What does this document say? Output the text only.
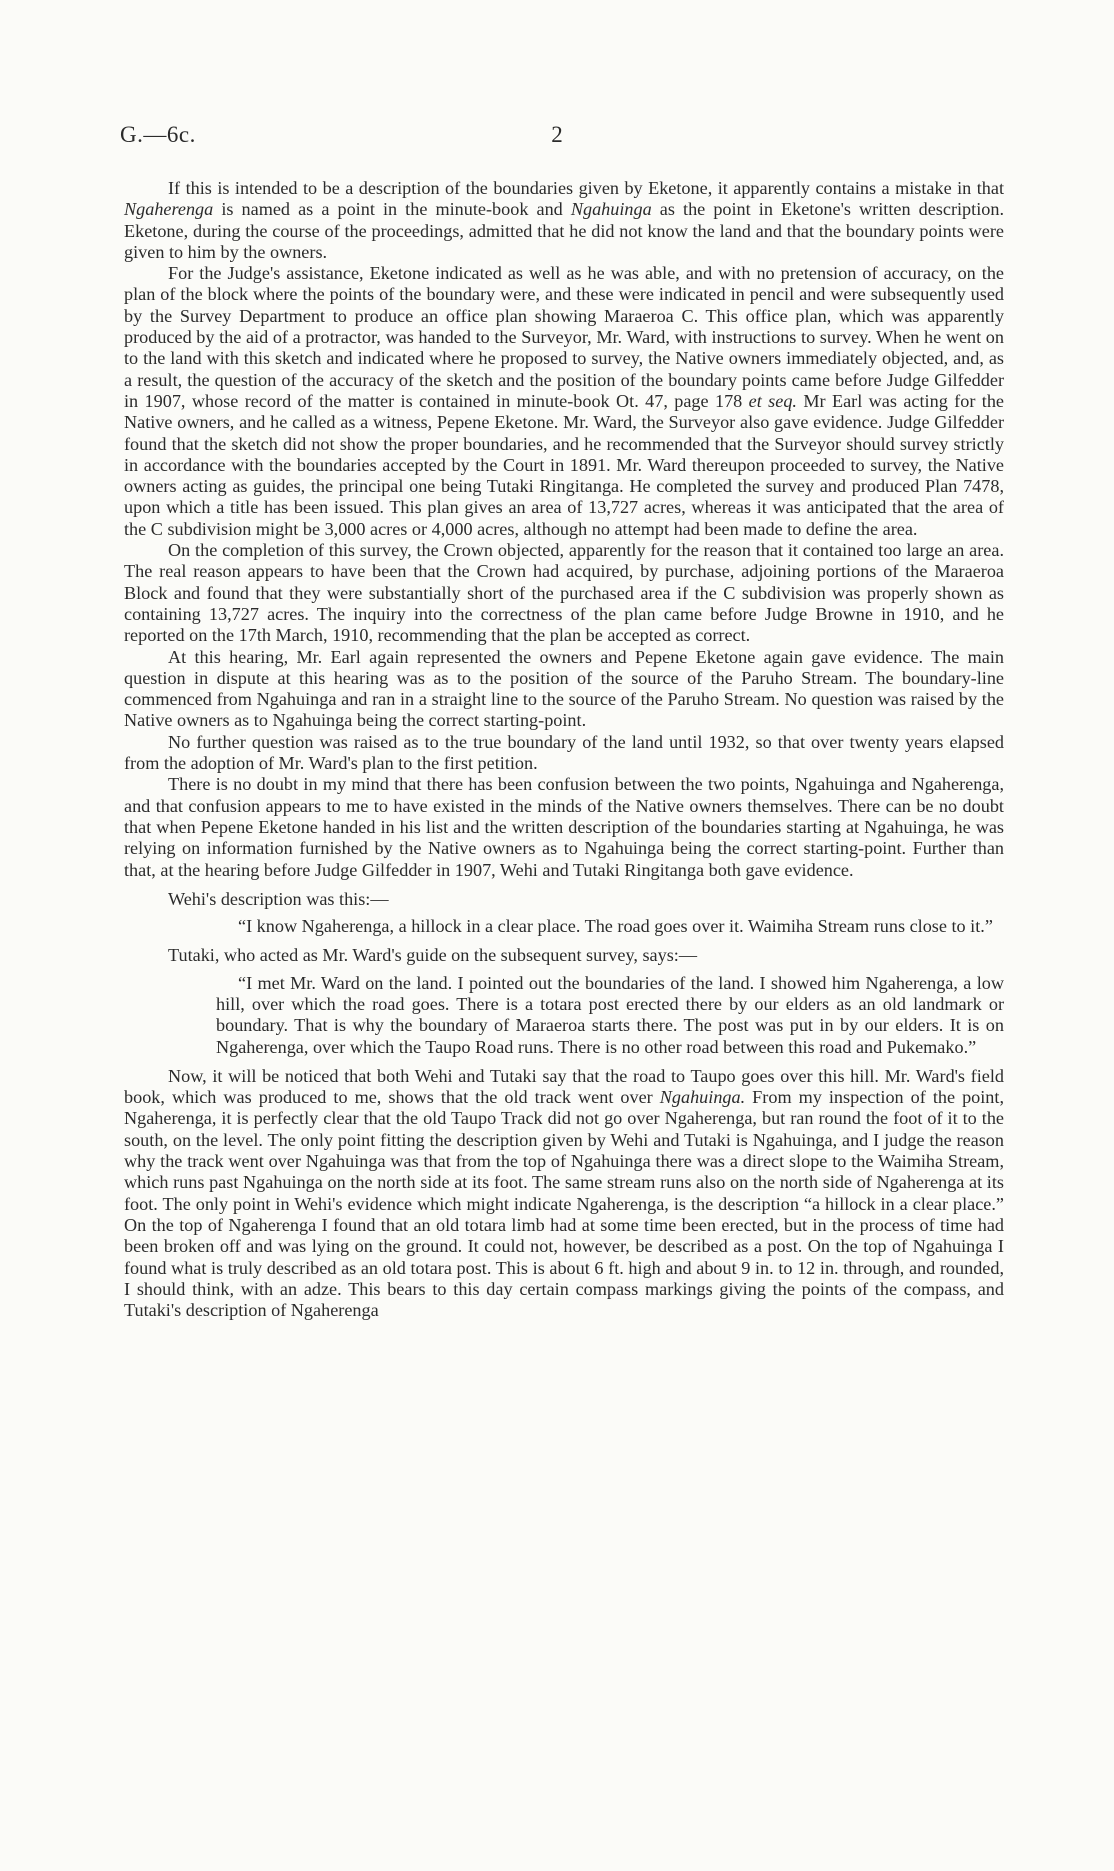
G.—6c.	2

If this is intended to be a description of the boundaries given by Eketone, it apparently contains a mistake in that Ngaherenga is named as a point in the minute-book and Ngahuinga as the point in Eketone's written description. Eketone, during the course of the proceedings, admitted that he did not know the land and that the boundary points were given to him by the owners.

For the Judge's assistance, Eketone indicated as well as he was able, and with no pretension of accuracy, on the plan of the block where the points of the boundary were, and these were indicated in pencil and were subsequently used by the Survey Department to produce an office plan showing Maraeroa C. This office plan, which was apparently produced by the aid of a protractor, was handed to the Surveyor, Mr. Ward, with instructions to survey. When he went on to the land with this sketch and indicated where he proposed to survey, the Native owners immediately objected, and, as a result, the question of the accuracy of the sketch and the position of the boundary points came before Judge Gilfedder in 1907, whose record of the matter is contained in minute-book Ot. 47, page 178 et seq. Mr Earl was acting for the Native owners, and he called as a witness, Pepene Eketone. Mr. Ward, the Surveyor also gave evidence. Judge Gilfedder found that the sketch did not show the proper boundaries, and he recommended that the Surveyor should survey strictly in accordance with the boundaries accepted by the Court in 1891. Mr. Ward thereupon proceeded to survey, the Native owners acting as guides, the principal one being Tutaki Ringitanga. He completed the survey and produced Plan 7478, upon which a title has been issued. This plan gives an area of 13,727 acres, whereas it was anticipated that the area of the C subdivision might be 3,000 acres or 4,000 acres, although no attempt had been made to define the area.

On the completion of this survey, the Crown objected, apparently for the reason that it contained too large an area. The real reason appears to have been that the Crown had acquired, by purchase, adjoining portions of the Maraeroa Block and found that they were substantially short of the purchased area if the C subdivision was properly shown as containing 13,727 acres. The inquiry into the correctness of the plan came before Judge Browne in 1910, and he reported on the 17th March, 1910, recommending that the plan be accepted as correct.

At this hearing, Mr. Earl again represented the owners and Pepene Eketone again gave evidence. The main question in dispute at this hearing was as to the position of the source of the Paruho Stream. The boundary-line commenced from Ngahuinga and ran in a straight line to the source of the Paruho Stream. No question was raised by the Native owners as to Ngahuinga being the correct starting-point.

No further question was raised as to the true boundary of the land until 1932, so that over twenty years elapsed from the adoption of Mr. Ward's plan to the first petition.

There is no doubt in my mind that there has been confusion between the two points, Ngahuinga and Ngaherenga, and that confusion appears to me to have existed in the minds of the Native owners themselves. There can be no doubt that when Pepene Eketone handed in his list and the written description of the boundaries starting at Ngahuinga, he was relying on information furnished by the Native owners as to Ngahuinga being the correct starting-point. Further than that, at the hearing before Judge Gilfedder in 1907, Wehi and Tutaki Ringitanga both gave evidence.

Wehi's description was this:—

“I know Ngaherenga, a hillock in a clear place. The road goes over it. Waimiha Stream runs close to it.”

Tutaki, who acted as Mr. Ward's guide on the subsequent survey, says:—

“I met Mr. Ward on the land. I pointed out the boundaries of the land. I showed him Ngaherenga, a low hill, over which the road goes. There is a totara post erected there by our elders as an old landmark or boundary. That is why the boundary of Maraeroa starts there. The post was put in by our elders. It is on Ngaherenga, over which the Taupo Road runs. There is no other road between this road and Pukemako.”

Now, it will be noticed that both Wehi and Tutaki say that the road to Taupo goes over this hill. Mr. Ward's field book, which was produced to me, shows that the old track went over Ngahuinga. From my inspection of the point, Ngaherenga, it is perfectly clear that the old Taupo Track did not go over Ngaherenga, but ran round the foot of it to the south, on the level. The only point fitting the description given by Wehi and Tutaki is Ngahuinga, and I judge the reason why the track went over Ngahuinga was that from the top of Ngahuinga there was a direct slope to the Waimiha Stream, which runs past Ngahuinga on the north side at its foot. The same stream runs also on the north side of Ngaherenga at its foot. The only point in Wehi's evidence which might indicate Ngaherenga, is the description “a hillock in a clear place.” On the top of Ngaherenga I found that an old totara limb had at some time been erected, but in the process of time had been broken off and was lying on the ground. It could not, however, be described as a post. On the top of Ngahuinga I found what is truly described as an old totara post. This is about 6 ft. high and about 9 in. to 12 in. through, and rounded, I should think, with an adze. This bears to this day certain compass markings giving the points of the compass, and Tutaki's description of Ngaherenga
